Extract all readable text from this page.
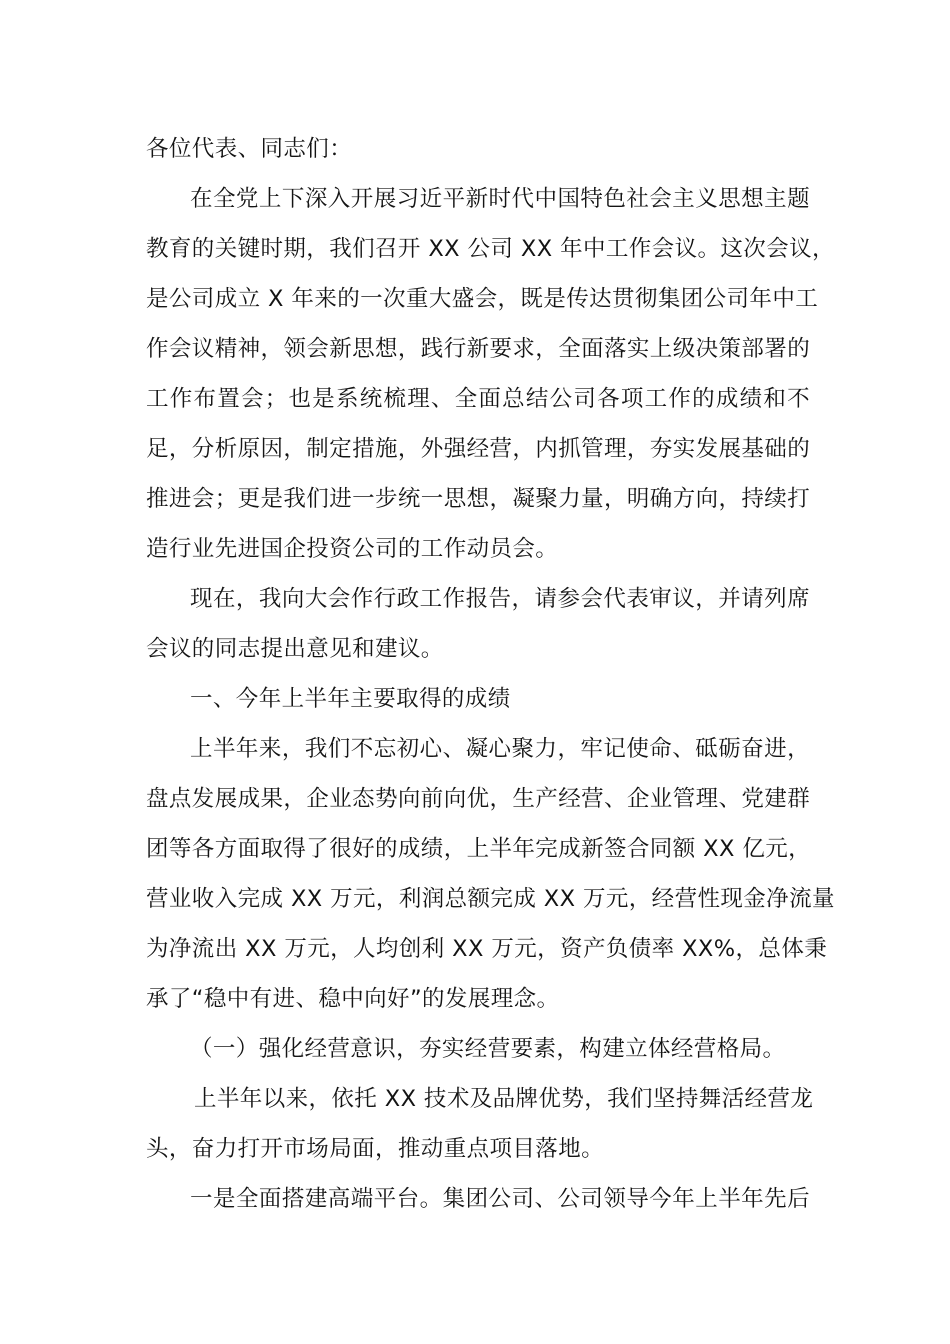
各位代表、同志们：
在全党上下深入开展习近平新时代中国特色社会主义思想主题
教育的关键时期，我们召开 XX 公司 XX 年中工作会议。这次会议，
是公司成立 X 年来的一次重大盛会，既是传达贯彻集团公司年中工
作会议精神，领会新思想，践行新要求，全面落实上级决策部署的
工作布置会；也是系统梳理、全面总结公司各项工作的成绩和不
足，分析原因，制定措施，外强经营，内抓管理，夯实发展基础的
推进会；更是我们进一步统一思想，凝聚力量，明确方向，持续打
造行业先进国企投资公司的工作动员会。
现在，我向大会作行政工作报告，请参会代表审议，并请列席
会议的同志提出意见和建议。
一、今年上半年主要取得的成绩
上半年来，我们不忘初心、凝心聚力，牢记使命、砥砺奋进，
盘点发展成果，企业态势向前向优，生产经营、企业管理、党建群
团等各方面取得了很好的成绩，上半年完成新签合同额 XX 亿元，
营业收入完成 XX 万元，利润总额完成 XX 万元，经营性现金净流量
为净流出 XX 万元，人均创利 XX 万元，资产负债率 XX%，总体秉
承了“稳中有进、稳中向好”的发展理念。
（一）强化经营意识，夯实经营要素，构建立体经营格局。
上半年以来，依托 XX 技术及品牌优势，我们坚持舞活经营龙
头，奋力打开市场局面，推动重点项目落地。
一是全面搭建高端平台。集团公司、公司领导今年上半年先后
